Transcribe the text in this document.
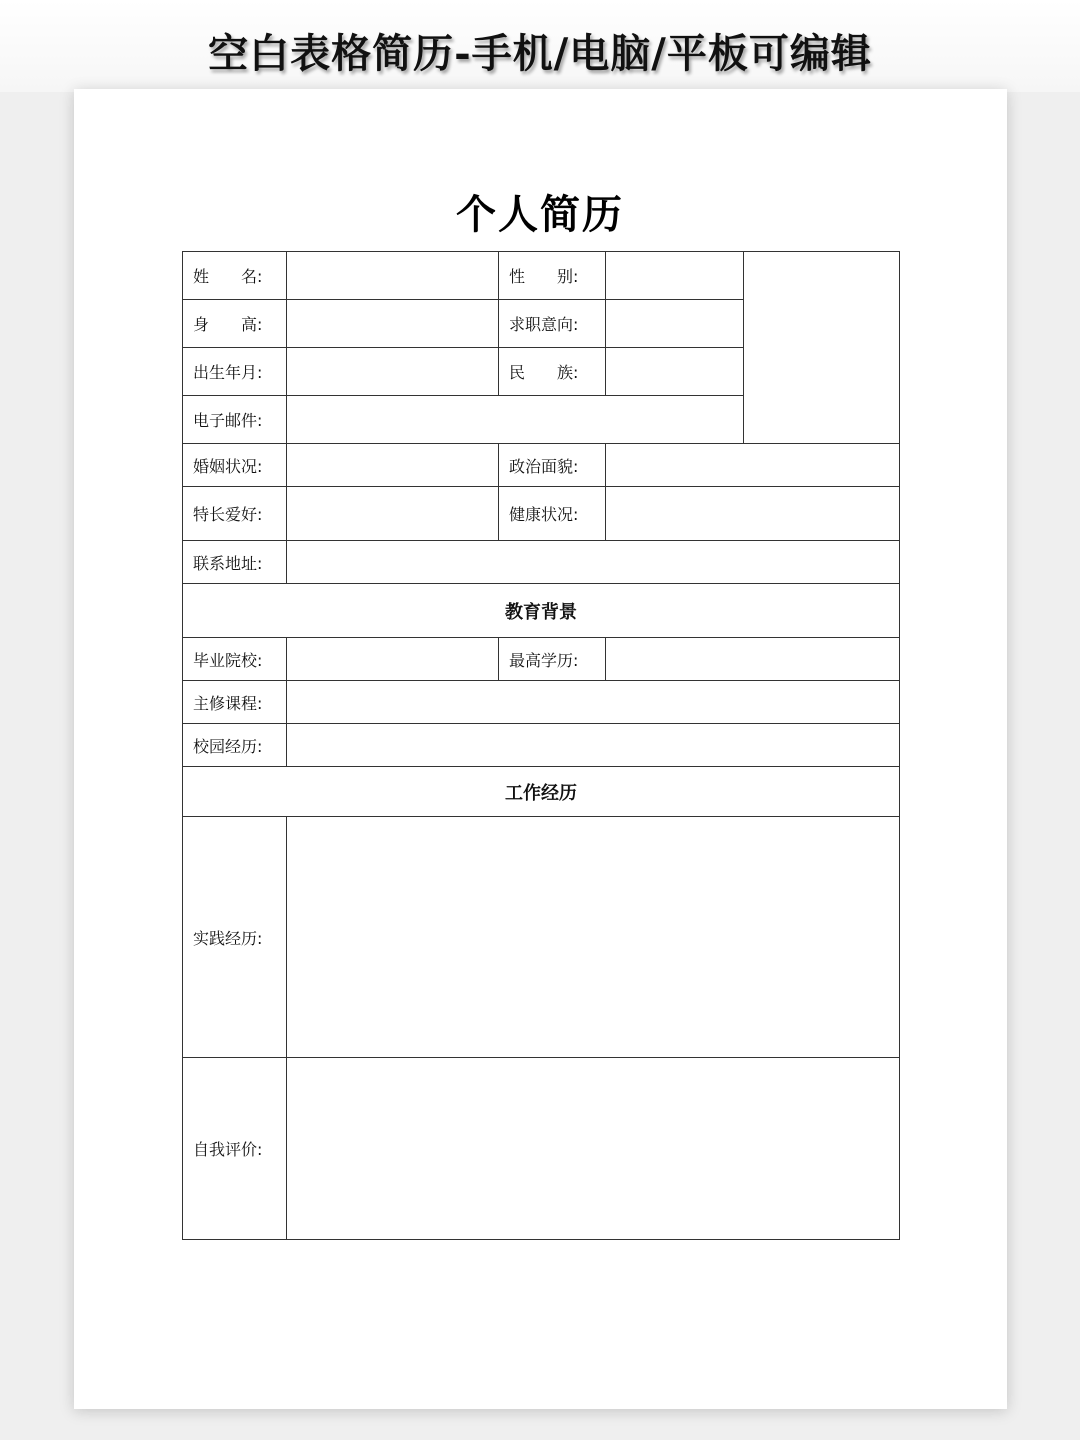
空白表格简历-手机/电脑/平板可编辑
个人简历
姓　　名:		性　　别:		
身　　高:		求职意向:		
出生年月:		民　　族:		
电子邮件:				
婚姻状况:		政治面貌:		
特长爱好:		健康状况:		
联系地址:				
教育背景				
毕业院校:		最高学历:		
主修课程:				
校园经历:				
工作经历				
实践经历:				
自我评价:				
